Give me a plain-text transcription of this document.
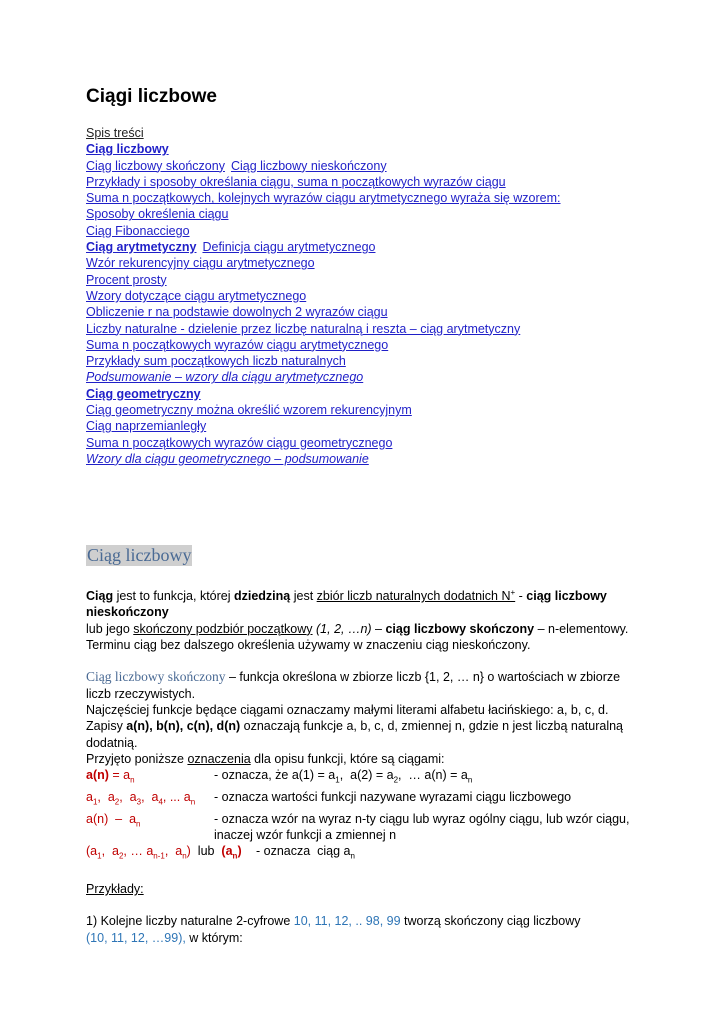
Ciągi liczbowe
Spis treści
Ciąg liczbowy
Ciąg liczbowy skończony Ciąg liczbowy nieskończony
Przykłady i sposoby określania ciągu, suma n początkowych wyrazów ciągu
Suma n początkowych, kolejnych wyrazów ciągu arytmetycznego wyraża się wzorem:
Sposoby określenia ciągu
Ciąg Fibonacciego
Ciąg arytmetyczny Definicja ciągu arytmetycznego
Wzór rekurencyjny ciągu arytmetycznego
Procent prosty
Wzory dotyczące ciągu arytmetycznego
Obliczenie r na podstawie dowolnych 2 wyrazów ciągu
Liczby naturalne - dzielenie przez liczbę naturalną i reszta – ciąg arytmetyczny
Suma n początkowych wyrazów ciągu arytmetycznego
Przykłady sum początkowych liczb naturalnych
Podsumowanie – wzory dla ciągu arytmetycznego
Ciąg geometryczny
Ciąg geometryczny można określić wzorem rekurencyjnym
Ciąg naprzemianległy
Suma n początkowych wyrazów ciągu geometrycznego
Wzory dla ciągu geometrycznego – podsumowanie
Ciąg liczbowy

Ciąg jest to funkcja, której dziedziną jest zbiór liczb naturalnych dodatnich N+ - ciąg liczbowy nieskończony

lub jego skończony podzbiór początkowy (1, 2, …n) – ciąg liczbowy skończony – n-elementowy.

Terminu ciąg bez dalszego określenia używamy w znaczeniu ciąg nieskończony.

Ciąg liczbowy skończony – funkcja określona w zbiorze liczb {1, 2, … n} o wartościach w zbiorze liczb rzeczywistych.

Najczęściej funkcje będące ciągami oznaczamy małymi literami alfabetu łacińskiego: a, b, c, d.

Zapisy a(n), b(n), c(n), d(n) oznaczają funkcje a, b, c, d, zmiennej n, gdzie n jest liczbą naturalną dodatnią.

Przyjęto poniższe oznaczenia dla opisu funkcji, które są ciągami:

$a(n) = a_n$	- oznacza, że $a(1) = a_1$,  $a(2) = a_2$,  … $a(n) = a_n$
$a_1$,  $a_2$,  $a_3$,  $a_4$, ... $a_n$	- oznacza wartości funkcji nazywane wyrazami ciągu liczbowego
$a(n) - a_n$	- oznacza wzór na wyraz n-ty ciągu lub wyraz ogólny ciągu, lub wzór ciągu, inaczej wzór funkcji a zmiennej n
($a_1$,  $a_2$, … $a_{n-1}$,  $a_n$)  lub  $(a_n)$	- oznacza  ciąg $a_n$

Przykłady:

1) Kolejne liczby naturalne 2-cyfrowe 10, 11, 12, .. 98, 99 tworzą skończony ciąg liczbowy

(10, 11, 12, …99), w którym:
